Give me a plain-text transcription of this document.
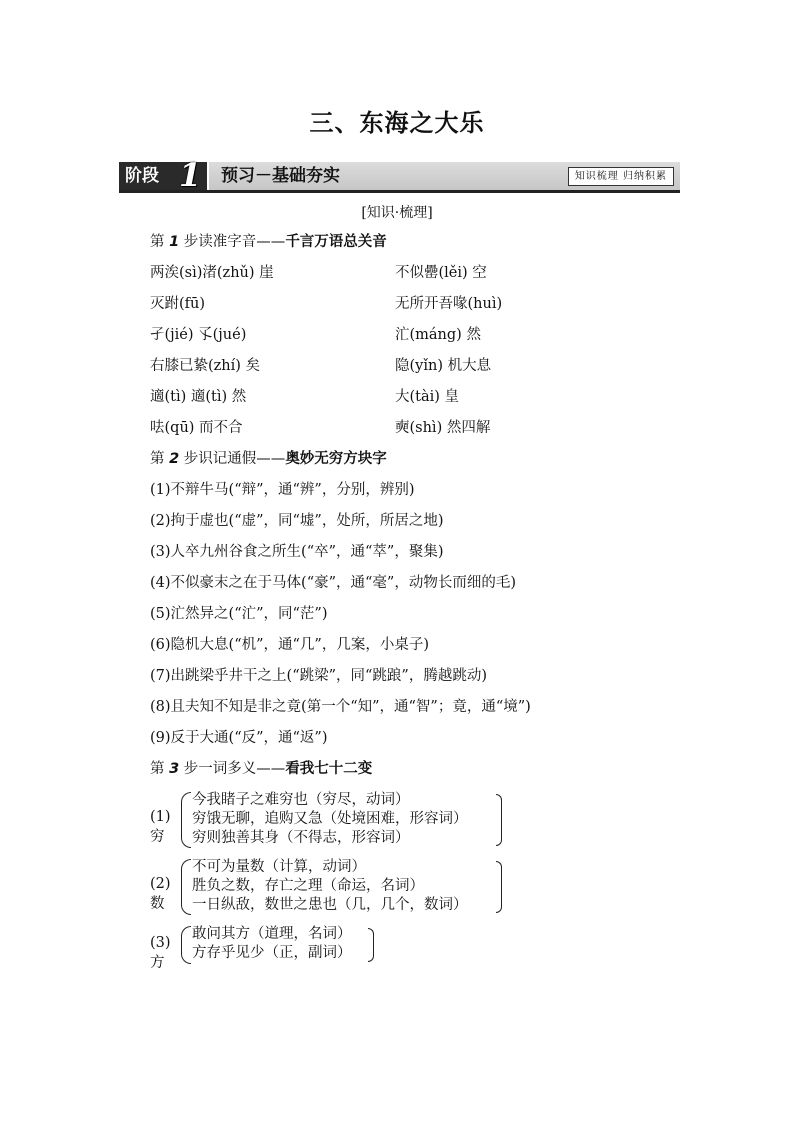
三、东海之大乐
阶段 1	预习－基础夯实	知识梳理 归纳积累
[知识·梳理]
第 1 步读准字音——千言万语总关音
两涘(sì)渚(zhǔ) 崖	不似罍(lěi) 空
灭跗(fū)	无所开吾喙(huì)
孑(jié) 孓(jué)	汒(máng) 然
右膝已絷(zhí) 矣	隐(yǐn) 机大息
適(tì) 適(tì) 然	大(tài) 皇
呿(qū) 而不合	奭(shì) 然四解
第 2 步识记通假——奥妙无穷方块字
(1)不辩牛马(“辩”，通“辨”，分别，辨别)
(2)拘于虚也(“虚”，同“墟”，处所，所居之地)
(3)人卒九州谷食之所生(“卒”，通“萃”，聚集)
(4)不似豪末之在于马体(“豪”，通“毫”，动物长而细的毛)
(5)汒然异之(“汒”，同“茫”)
(6)隐机大息(“机”，通“几”，几案，小桌子)
(7)出跳梁乎井干之上(“跳梁”，同“跳踉”，腾越跳动)
(8)且夫知不知是非之竟(第一个“知”，通“智”；竟，通“境”)
(9)反于大通(“反”，通“返”)
第 3 步一词多义——看我七十二变
(1)穷
今我睹子之难穷也（穷尽，动词）
穷饿无聊，追购又急（处境困难，形容词）
穷则独善其身（不得志，形容词）
(2)数
不可为量数（计算，动词）
胜负之数，存亡之理（命运，名词）
一日纵敌，数世之患也（几，几个，数词）
(3)方
敢问其方（道理，名词）
方存乎见少（正，副词）
